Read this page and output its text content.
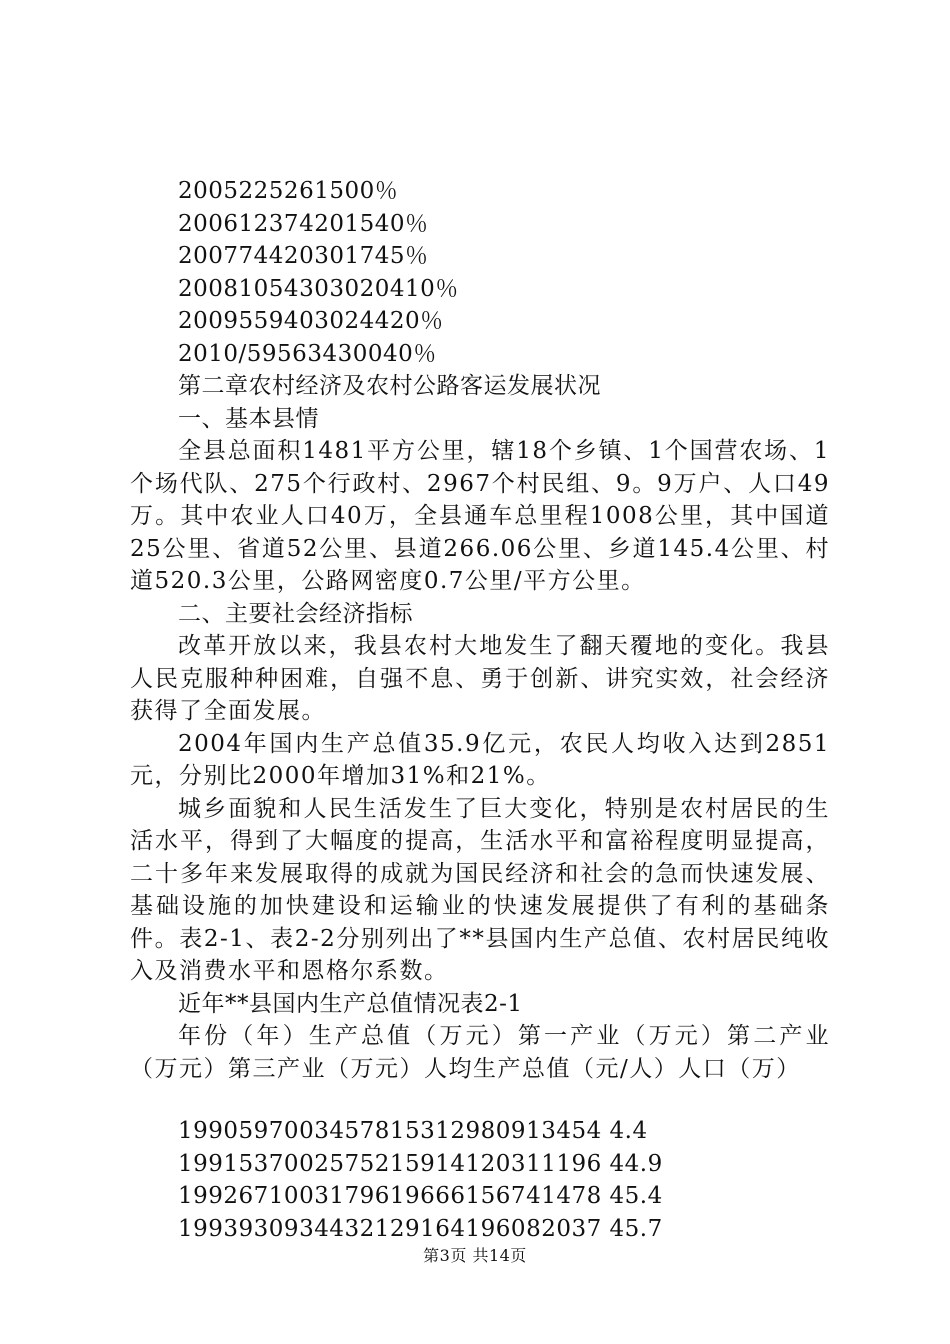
2005225261500％
200612374201540％
200774420301745％
20081054303020410％
2009559403024420％
2010/59563430040％
第二章农村经济及农村公路客运发展状况
一、基本县情

全县总面积1481平方公里，辖18个乡镇、1个国营农场、1个场代队、275个行政村、2967个村民组、9。9万户、人口49万。其中农业人口40万，全县通车总里程1008公里，其中国道25公里、省道52公里、县道266.06公里、乡道145.4公里、村道520.3公里，公路网密度0.7公里/平方公里。

二、主要社会经济指标

改革开放以来，我县农村大地发生了翻天覆地的变化。我县人民克服种种困难，自强不息、勇于创新、讲究实效，社会经济获得了全面发展。

2004年国内生产总值35.9亿元，农民人均收入达到2851元，分别比2000年增加31%和21%。

城乡面貌和人民生活发生了巨大变化，特别是农村居民的生活水平，得到了大幅度的提高，生活水平和富裕程度明显提高，二十多年来发展取得的成就为国民经济和社会的急而快速发展、基础设施的加快建设和运输业的快速发展提供了有利的基础条件。表2-1、表2-2分别列出了**县国内生产总值、农村居民纯收入及消费水平和恩格尔系数。

近年**县国内生产总值情况表2-1

年份（年）生产总值（万元）第一产业（万元）第二产业（万元）第三产业（万元）人均生产总值（元/人）人口（万）

1990597003457815312980913454 4.4
1991537002575215914120311196 44.9
1992671003179619666156741478 45.4
1993930934432129164196082037 45.7
第3页 共14页
